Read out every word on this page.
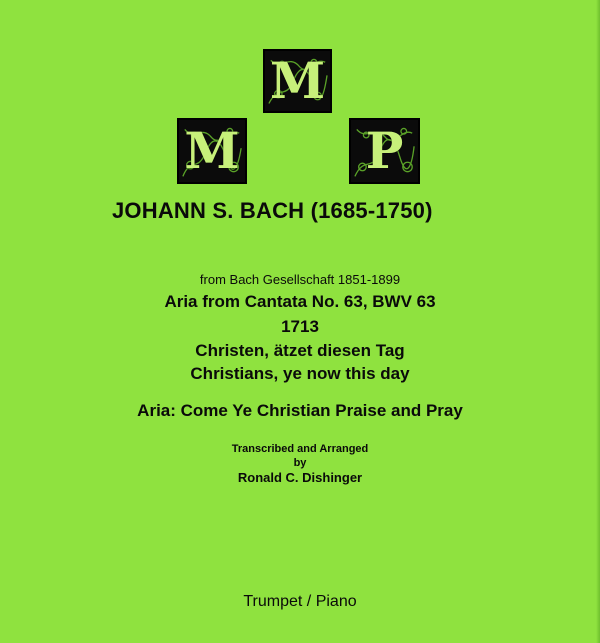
M
M
P
JOHANN S. BACH (1685-1750)
from Bach Gesellschaft 1851-1899
Aria from Cantata No. 63, BWV 63
1713
Christen, ätzet diesen Tag
Christians, ye now this day
Aria: Come Ye Christian Praise and Pray
Transcribed and Arranged
by
Ronald C. Dishinger
Trumpet / Piano
